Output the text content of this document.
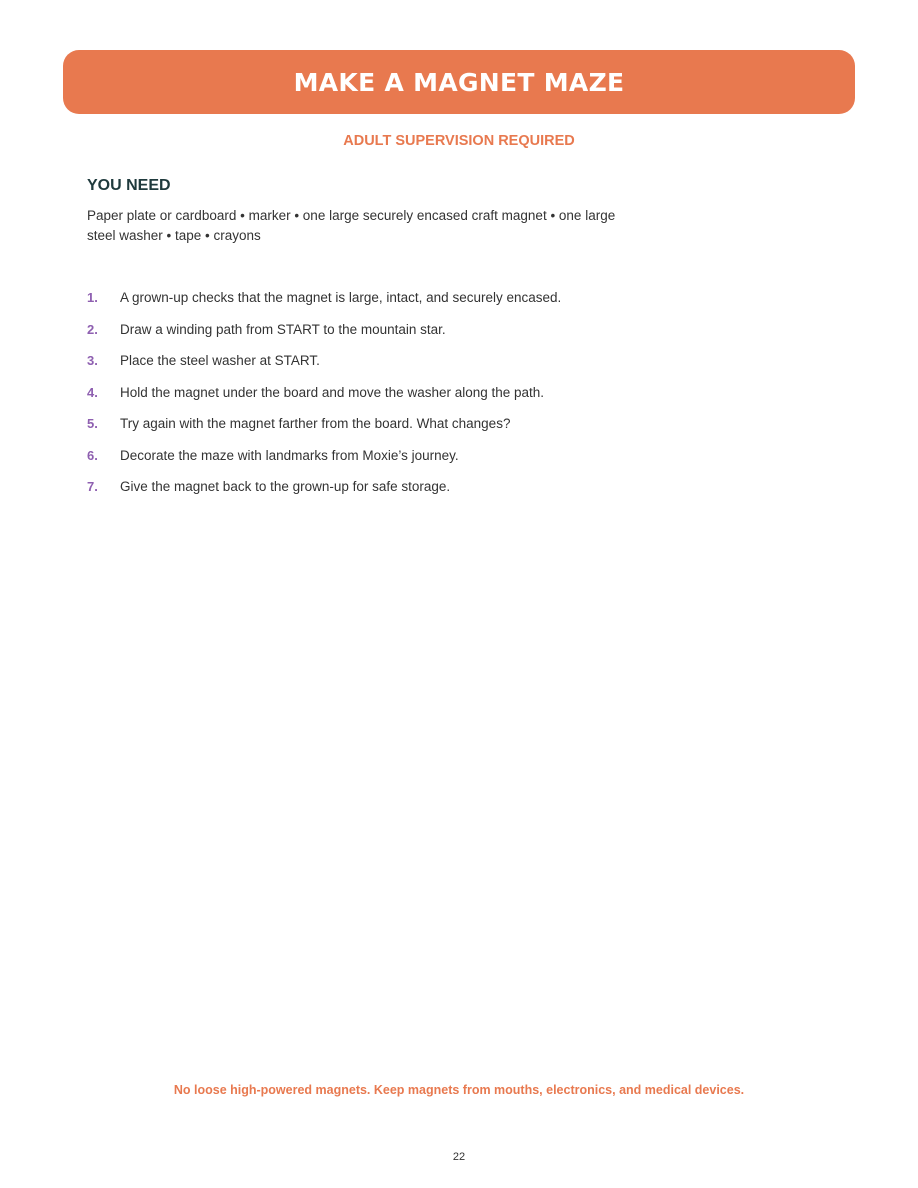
MAKE A MAGNET MAZE
ADULT SUPERVISION REQUIRED
YOU NEED
Paper plate or cardboard • marker • one large securely encased craft magnet • one large steel washer • tape • crayons
1.	A grown-up checks that the magnet is large, intact, and securely encased.
2.	Draw a winding path from START to the mountain star.
3.	Place the steel washer at START.
4.	Hold the magnet under the board and move the washer along the path.
5.	Try again with the magnet farther from the board. What changes?
6.	Decorate the maze with landmarks from Moxie’s journey.
7.	Give the magnet back to the grown-up for safe storage.
No loose high-powered magnets. Keep magnets from mouths, electronics, and medical devices.
22
